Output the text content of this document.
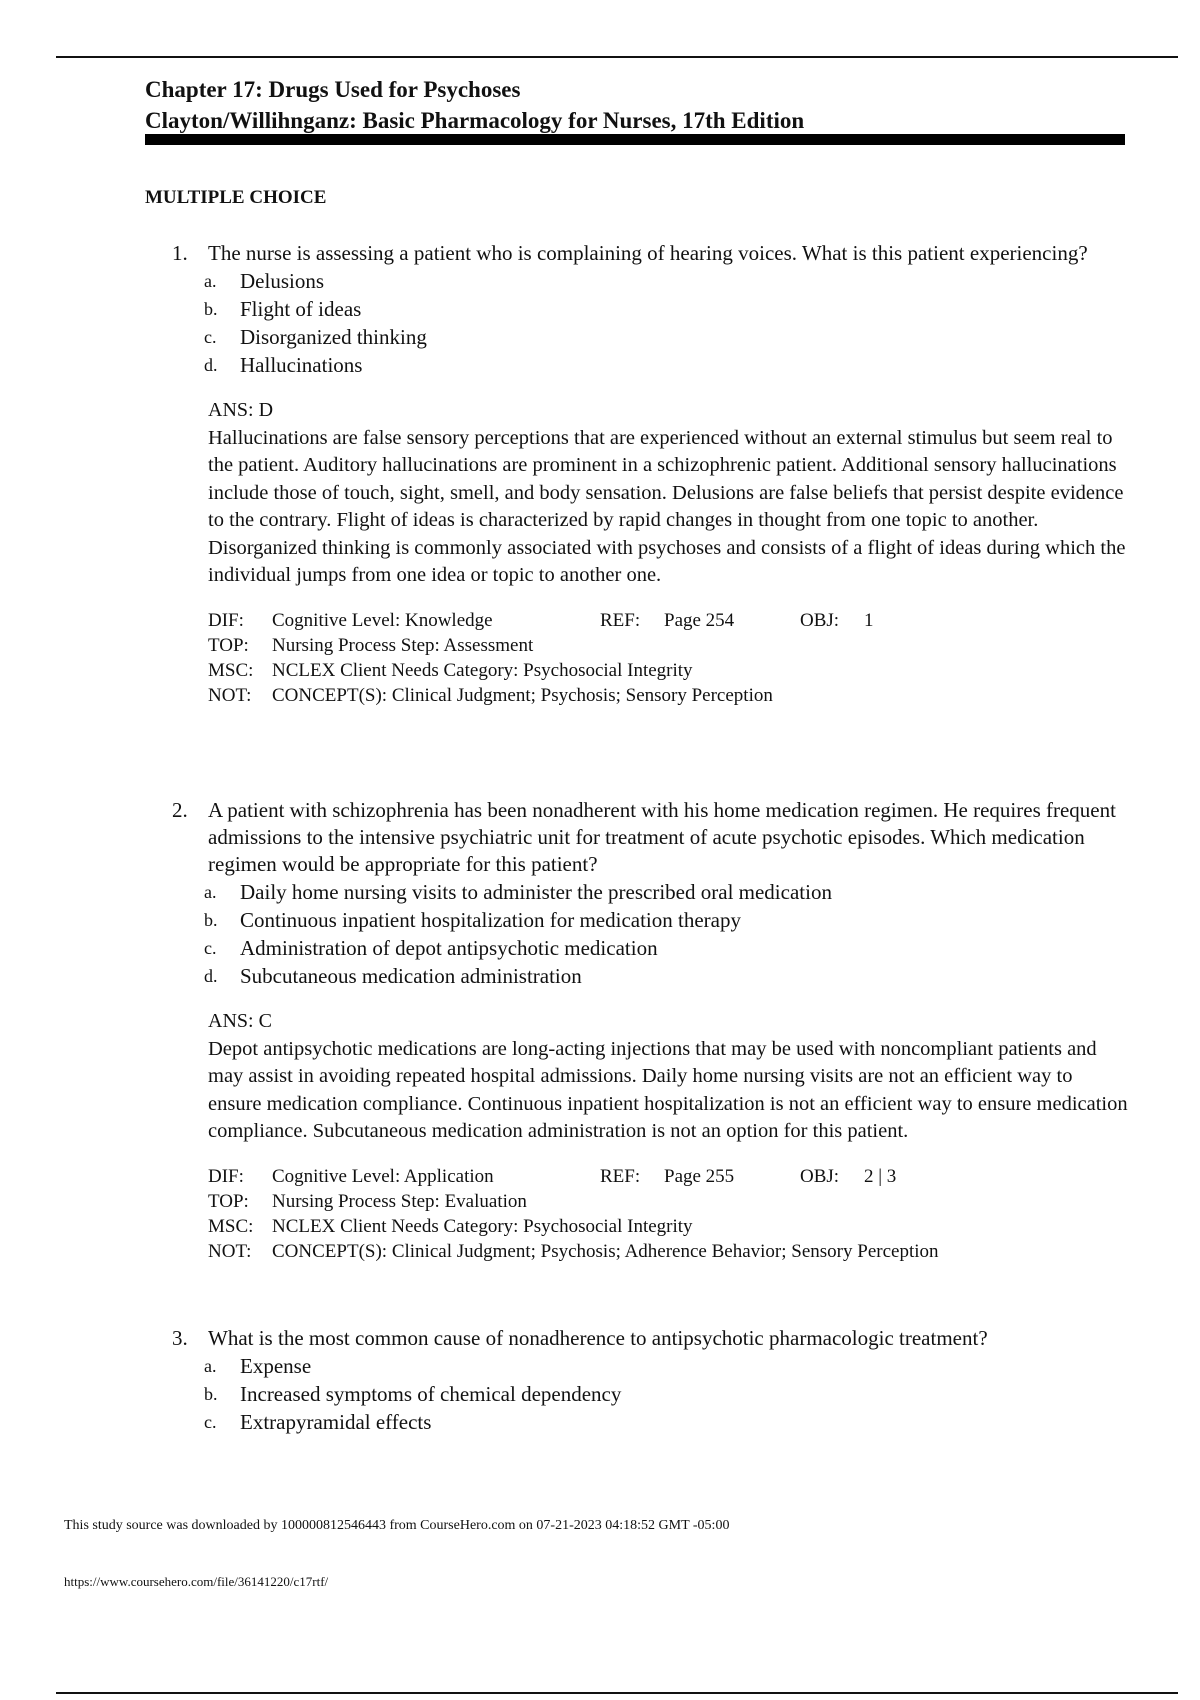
Chapter 17: Drugs Used for Psychoses
Clayton/Willihnganz: Basic Pharmacology for Nurses, 17th Edition
MULTIPLE CHOICE
1. The nurse is assessing a patient who is complaining of hearing voices. What is this patient experiencing?
a. Delusions
b. Flight of ideas
c. Disorganized thinking
d. Hallucinations
ANS: D
Hallucinations are false sensory perceptions that are experienced without an external stimulus but seem real to the patient. Auditory hallucinations are prominent in a schizophrenic patient. Additional sensory hallucinations include those of touch, sight, smell, and body sensation. Delusions are false beliefs that persist despite evidence to the contrary. Flight of ideas is characterized by rapid changes in thought from one topic to another. Disorganized thinking is commonly associated with psychoses and consists of a flight of ideas during which the individual jumps from one idea or topic to another one.
DIF: Cognitive Level: Knowledge	REF: Page 254	OBJ: 1
TOP: Nursing Process Step: Assessment
MSC: NCLEX Client Needs Category: Psychosocial Integrity
NOT: CONCEPT(S): Clinical Judgment; Psychosis; Sensory Perception
2. A patient with schizophrenia has been nonadherent with his home medication regimen. He requires frequent admissions to the intensive psychiatric unit for treatment of acute psychotic episodes. Which medication regimen would be appropriate for this patient?
a. Daily home nursing visits to administer the prescribed oral medication
b. Continuous inpatient hospitalization for medication therapy
c. Administration of depot antipsychotic medication
d. Subcutaneous medication administration
ANS: C
Depot antipsychotic medications are long-acting injections that may be used with noncompliant patients and may assist in avoiding repeated hospital admissions. Daily home nursing visits are not an efficient way to ensure medication compliance. Continuous inpatient hospitalization is not an efficient way to ensure medication compliance. Subcutaneous medication administration is not an option for this patient.
DIF: Cognitive Level: Application	REF: Page 255	OBJ: 2 | 3
TOP: Nursing Process Step: Evaluation
MSC: NCLEX Client Needs Category: Psychosocial Integrity
NOT: CONCEPT(S): Clinical Judgment; Psychosis; Adherence Behavior; Sensory Perception
3. What is the most common cause of nonadherence to antipsychotic pharmacologic treatment?
a. Expense
b. Increased symptoms of chemical dependency
c. Extrapyramidal effects
This study source was downloaded by 100000812546443 from CourseHero.com on 07-21-2023 04:18:52 GMT -05:00
https://www.coursehero.com/file/36141220/c17rtf/
